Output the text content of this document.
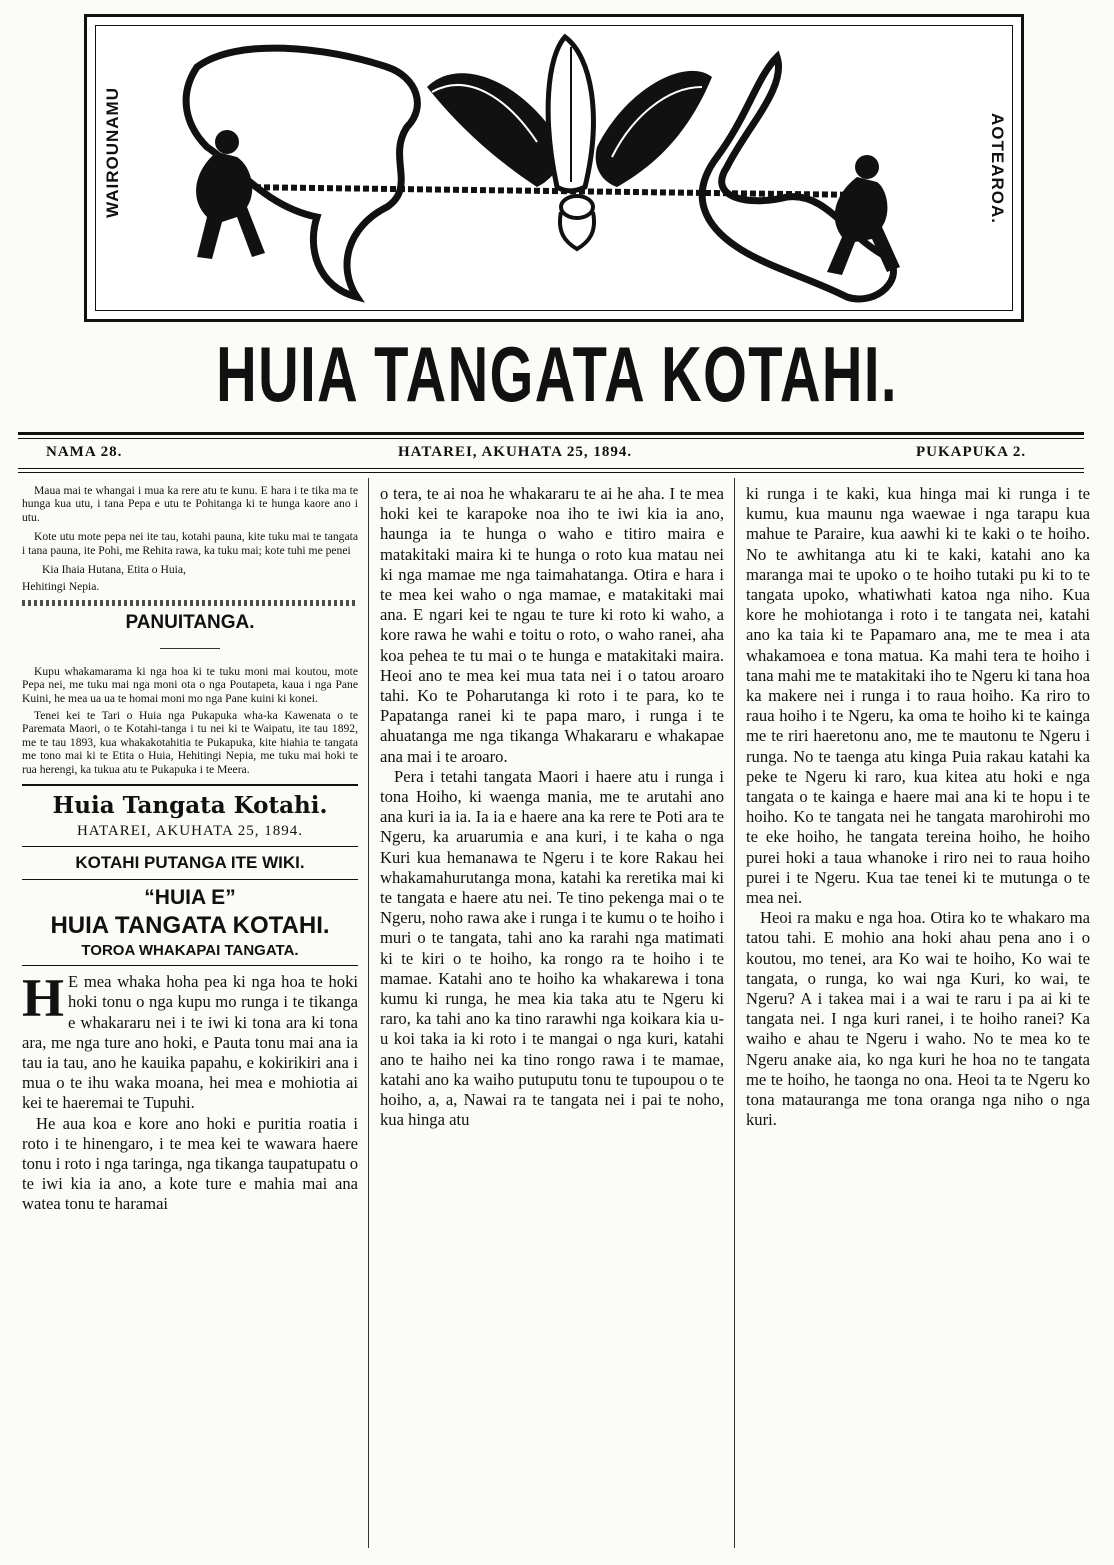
WAIROUNAMU	AOTEAROA.
HUIA TANGATA KOTAHI.
NAMA 28.	HATAREI, AKUHATA 25, 1894.	PUKAPUKA 2.

Maua mai te whangai i mua ka rere atu te kunu. E hara i te tika ma te hunga kua utu, i tana Pepa e utu te Pohitanga ki te hunga kaore ano i utu.

Kote utu mote pepa nei ite tau, kotahi pauna, kite tuku mai te tangata i tana pauna, ite Pohi, me Rehita rawa, ka tuku mai; kote tuhi me penei

Kia Ihaia Hutana, Etita o Huia,

Hehitingi Nepia.

PANUITANGA.

Kupu whakamarama ki nga hoa ki te tuku moni mai koutou, mote Pepa nei, me tuku mai nga moni ota o nga Poutapeta, kaua i nga Pane Kuini, he mea ua ua te homai moni mo nga Pane kuini ki konei.

Tenei kei te Tari o Huia nga Pukapuka wha-ka Kawenata o te Paremata Maori, o te Kotahi-tanga i tu nei ki te Waipatu, ite tau 1892, me te tau 1893, kua whakakotahitia te Pukapuka, kite hiahia te tangata me tono mai ki te Etita o Huia, Hehitingi Nepia, me tuku mai hoki te rua herengi, ka tukua atu te Pukapuka i te Meera.

Huia Tangata Kotahi.
HATAREI, AKUHATA 25, 1894.
KOTAHI PUTANGA ITE WIKI.
“HUIA E”
HUIA TANGATA KOTAHI.
TOROA WHAKAPAI TANGATA.

H E mea whaka hoha pea ki nga hoa te hoki hoki tonu o nga kupu mo runga i te tikanga e whakararu nei i te iwi ki tona ara ki tona ara, me nga ture ano hoki, e Pauta tonu mai ana ia tau ia tau, ano he kauika papahu, e kokirikiri ana i mua o te ihu waka moana, hei mea e mohiotia ai kei te haeremai te Tupuhi.

He aua koa e kore ano hoki e puritia roatia i roto i te hinengaro, i te mea kei te wawara haere tonu i roto i nga taringa, nga tikanga taupatupatu o te iwi kia ia ano, a kote ture e mahia mai ana watea tonu te haramai

o tera, te ai noa he whakararu te ai he aha. I te mea hoki kei te karapoke noa iho te iwi kia ia ano, haunga ia te hunga o waho e titiro maira e matakitaki maira ki te hunga o roto kua matau nei ki nga mamae me nga taimahatanga. Otira e hara i te mea kei waho o nga mamae, e matakitaki mai ana. E ngari kei te ngau te ture ki roto ki waho, a kore rawa he wahi e toitu o roto, o waho ranei, aha koa pehea te tu mai o te hunga e matakitaki maira. Heoi ano te mea kei mua tata nei i o tatou aroaro tahi. Ko te Poharutanga ki roto i te para, ko te Papatanga ranei ki te papa maro, i runga i te ahuatanga me nga tikanga Whakararu e whakapae ana mai i te aroaro.

Pera i tetahi tangata Maori i haere atu i runga i tona Hoiho, ki waenga mania, me te arutahi ano ana kuri ia ia. Ia ia e haere ana ka rere te Poti ara te Ngeru, ka aruarumia e ana kuri, i te kaha o nga Kuri kua hemanawa te Ngeru i te kore Rakau hei whakamahurutanga mona, katahi ka reretika mai ki te tangata e haere atu nei. Te tino pekenga mai o te Ngeru, noho rawa ake i runga i te kumu o te hoiho i muri o te tangata, tahi ano ka rarahi nga matimati ki te kiri o te hoiho, ka rongo ra te hoiho i te mamae. Katahi ano te hoiho ka whakarewa i tona kumu ki runga, he mea kia taka atu te Ngeru ki raro, ka tahi ano ka tino rarawhi nga koikara kia u-u koi taka ia ki roto i te mangai o nga kuri, katahi ano te haiho nei ka tino rongo rawa i te mamae, katahi ano ka waiho putuputu tonu te tupoupou o te hoiho, a, a, Nawai ra te tangata nei i pai te noho, kua hinga atu

ki runga i te kaki, kua hinga mai ki runga i te kumu, kua maunu nga waewae i nga tarapu kua mahue te Paraire, kua aawhi ki te kaki o te hoiho. No te awhitanga atu ki te kaki, katahi ano ka maranga mai te upoko o te hoiho tutaki pu ki to te tangata upoko, whatiwhati katoa nga niho. Kua kore he mohiotanga i roto i te tangata nei, katahi ano ka taia ki te Papamaro ana, me te mea i ata whakamoea e tona matua. Ka mahi tera te hoiho i tana mahi me te matakitaki iho te Ngeru ki tana hoa ka makere nei i runga i to raua hoiho. Ka riro to raua hoiho i te Ngeru, ka oma te hoiho ki te kainga me te riri haeretonu ano, me te mautonu te Ngeru i runga. No te taenga atu kinga Puia rakau katahi ka peke te Ngeru ki raro, kua kitea atu hoki e nga tangata o te kainga e haere mai ana ki te hopu i te hoiho. Ko te tangata nei he tangata marohirohi mo te eke hoiho, he tangata tereina hoiho, he hoiho purei hoki a taua whanoke i riro nei to raua hoiho purei i te Ngeru. Kua tae tenei ki te mutunga o te mea nei.

Heoi ra maku e nga hoa. Otira ko te whakaro ma tatou tahi. E mohio ana hoki ahau pena ano i o koutou, mo tenei, ara Ko wai te hoiho, Ko wai te tangata, o runga, ko wai nga Kuri, ko wai, te Ngeru? A i takea mai i a wai te raru i pa ai ki te tangata nei. I nga kuri ranei, i te hoiho ranei? Ka waiho e ahau te Ngeru i waho. No te mea ko te Ngeru anake aia, ko nga kuri he hoa no te tangata me te hoiho, he taonga no ona. Heoi ta te Ngeru ko tona matauranga me tona oranga nga niho o nga kuri.
